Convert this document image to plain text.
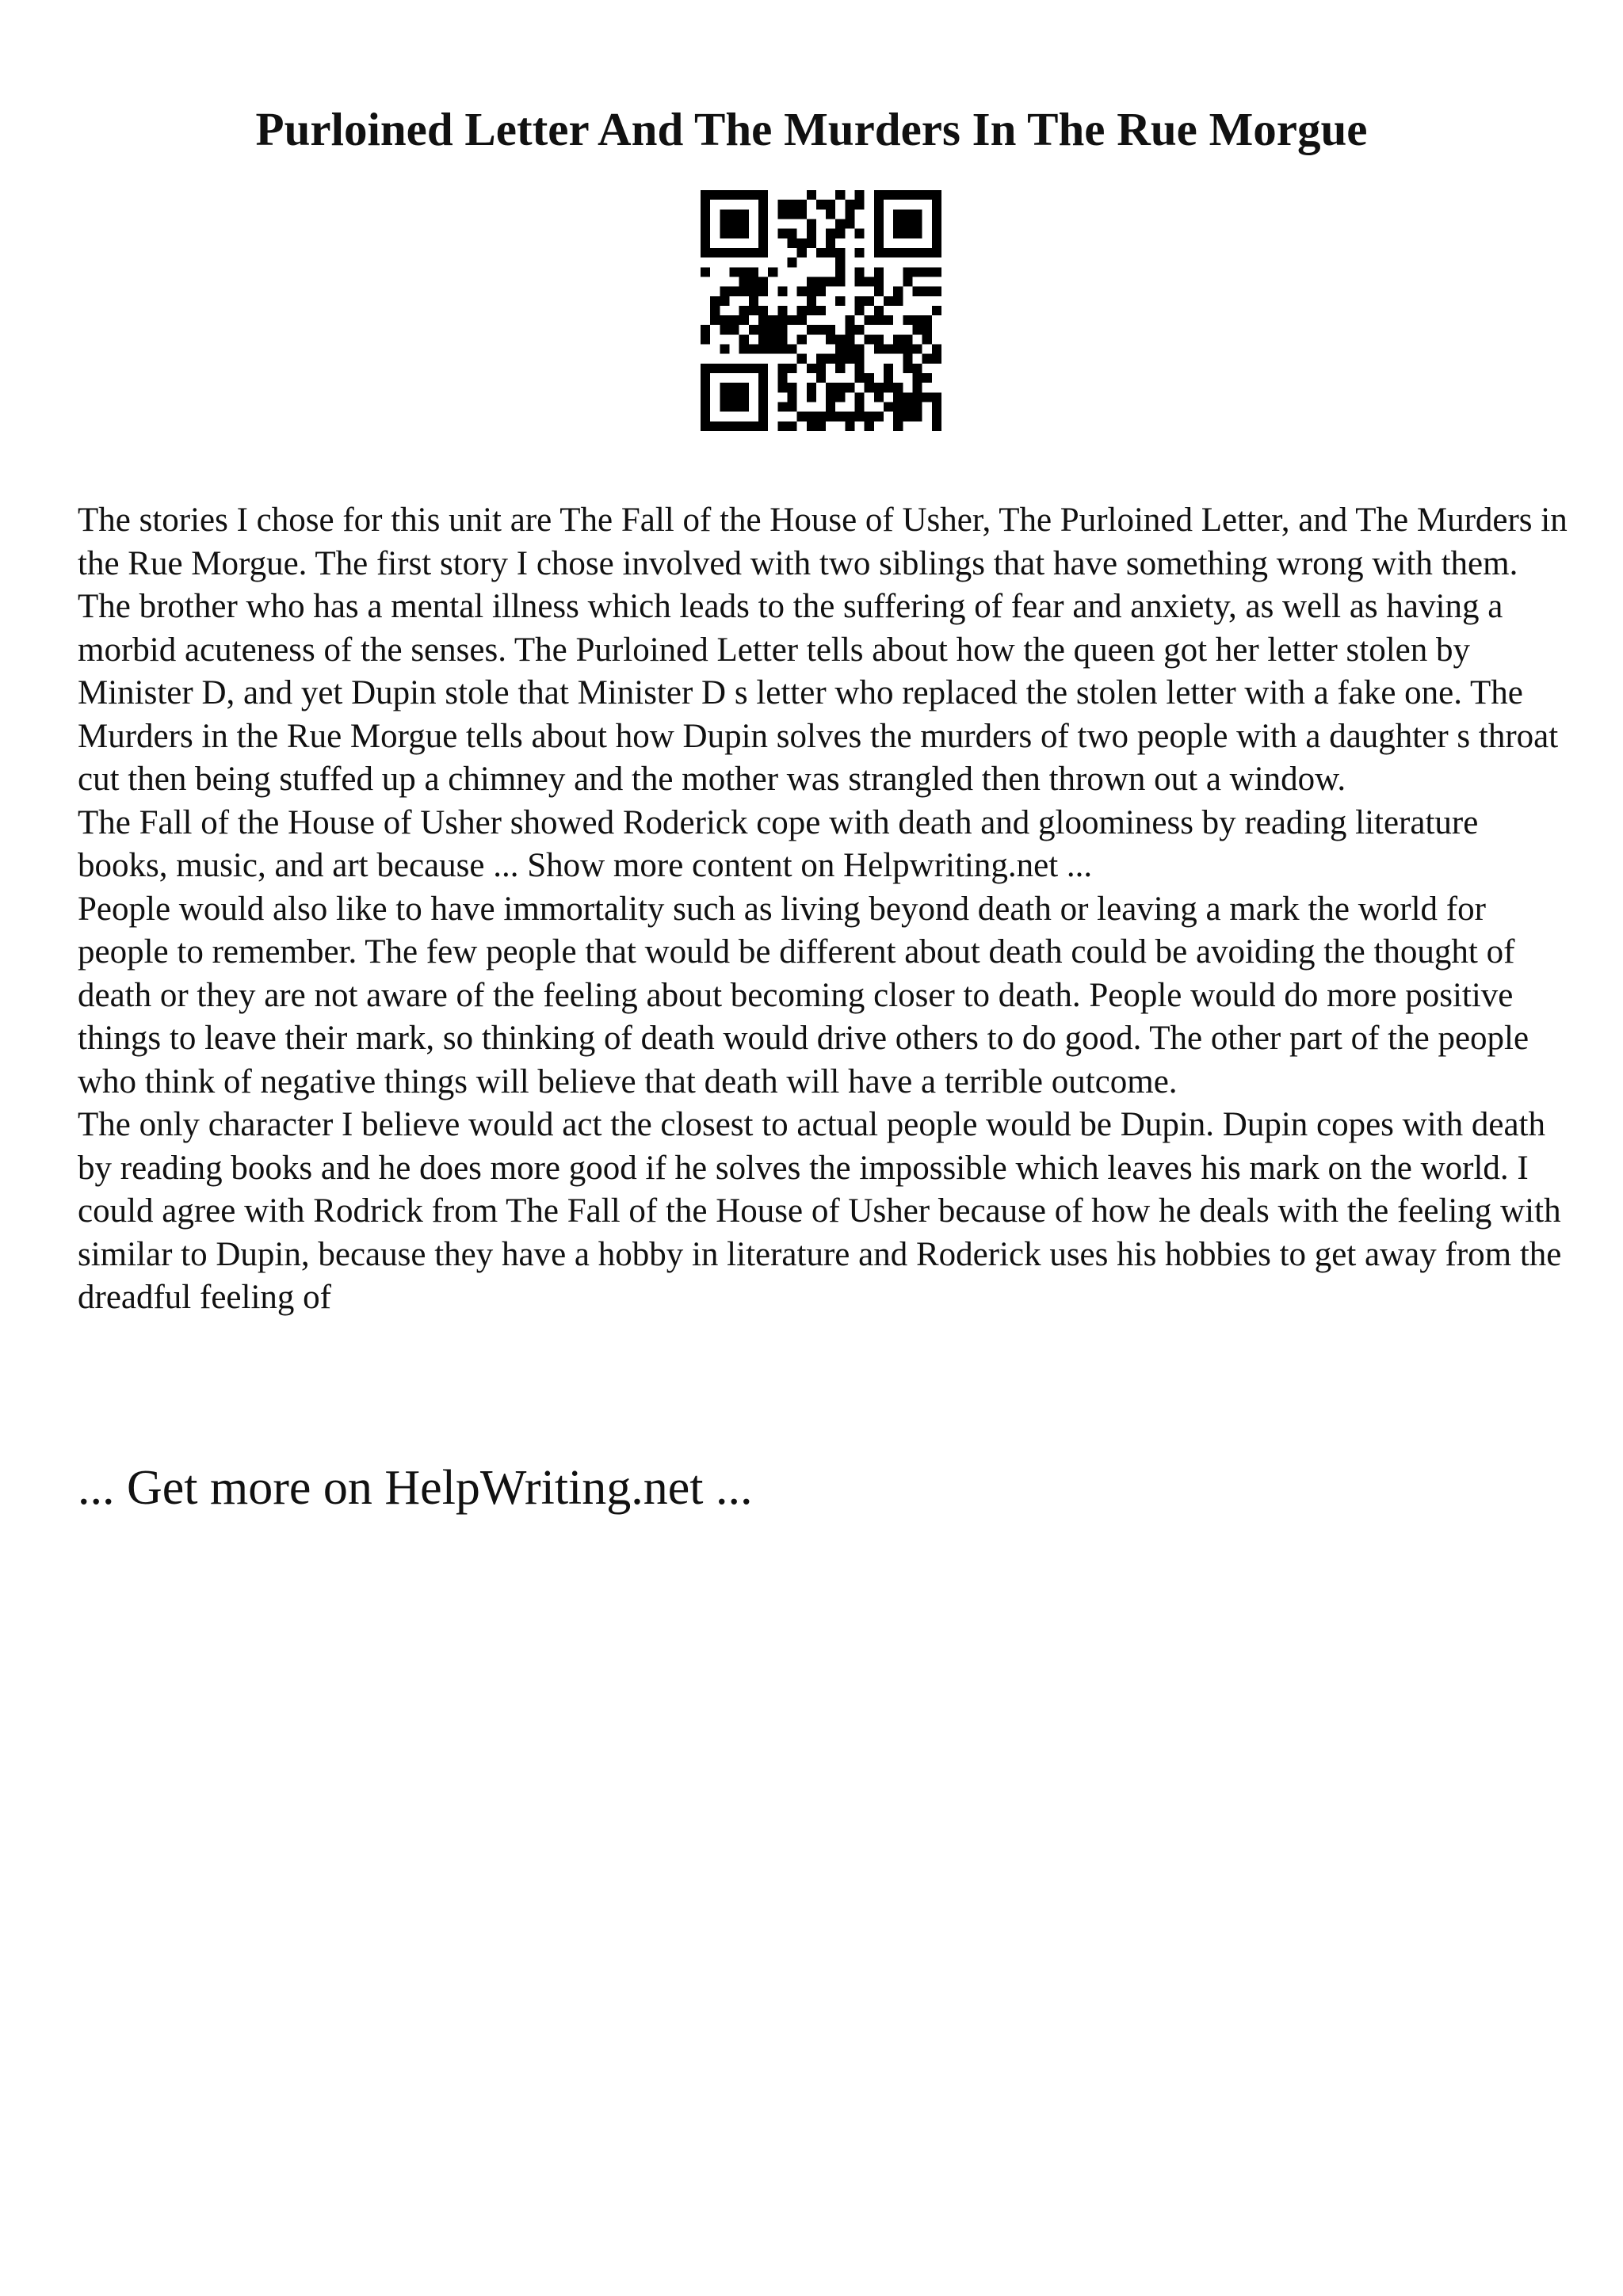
Purloined Letter And The Murders In The Rue Morgue

The stories I chose for this unit are The Fall of the House of Usher, The Purloined Letter, and The Murders in the Rue Morgue. The first story I chose involved with two siblings that have something wrong with them. The brother who has a mental illness which leads to the suffering of fear and anxiety, as well as having a morbid acuteness of the senses. The Purloined Letter tells about how the queen got her letter stolen by Minister D, and yet Dupin stole that Minister D s letter who replaced the stolen letter with a fake one. The Murders in the Rue Morgue tells about how Dupin solves the murders of two people with a daughter s throat cut then being stuffed up a chimney and the mother was strangled then thrown out a window.

The Fall of the House of Usher showed Roderick cope with death and gloominess by reading literature books, music, and art because ... Show more content on Helpwriting.net ...

People would also like to have immortality such as living beyond death or leaving a mark the world for people to remember. The few people that would be different about death could be avoiding the thought of death or they are not aware of the feeling about becoming closer to death. People would do more positive things to leave their mark, so thinking of death would drive others to do good. The other part of the people who think of negative things will believe that death will have a terrible outcome.

The only character I believe would act the closest to actual people would be Dupin. Dupin copes with death by reading books and he does more good if he solves the impossible which leaves his mark on the world. I could agree with Rodrick from The Fall of the House of Usher because of how he deals with the feeling with similar to Dupin, because they have a hobby in literature and Roderick uses his hobbies to get away from the dreadful feeling of

... Get more on HelpWriting.net ...
